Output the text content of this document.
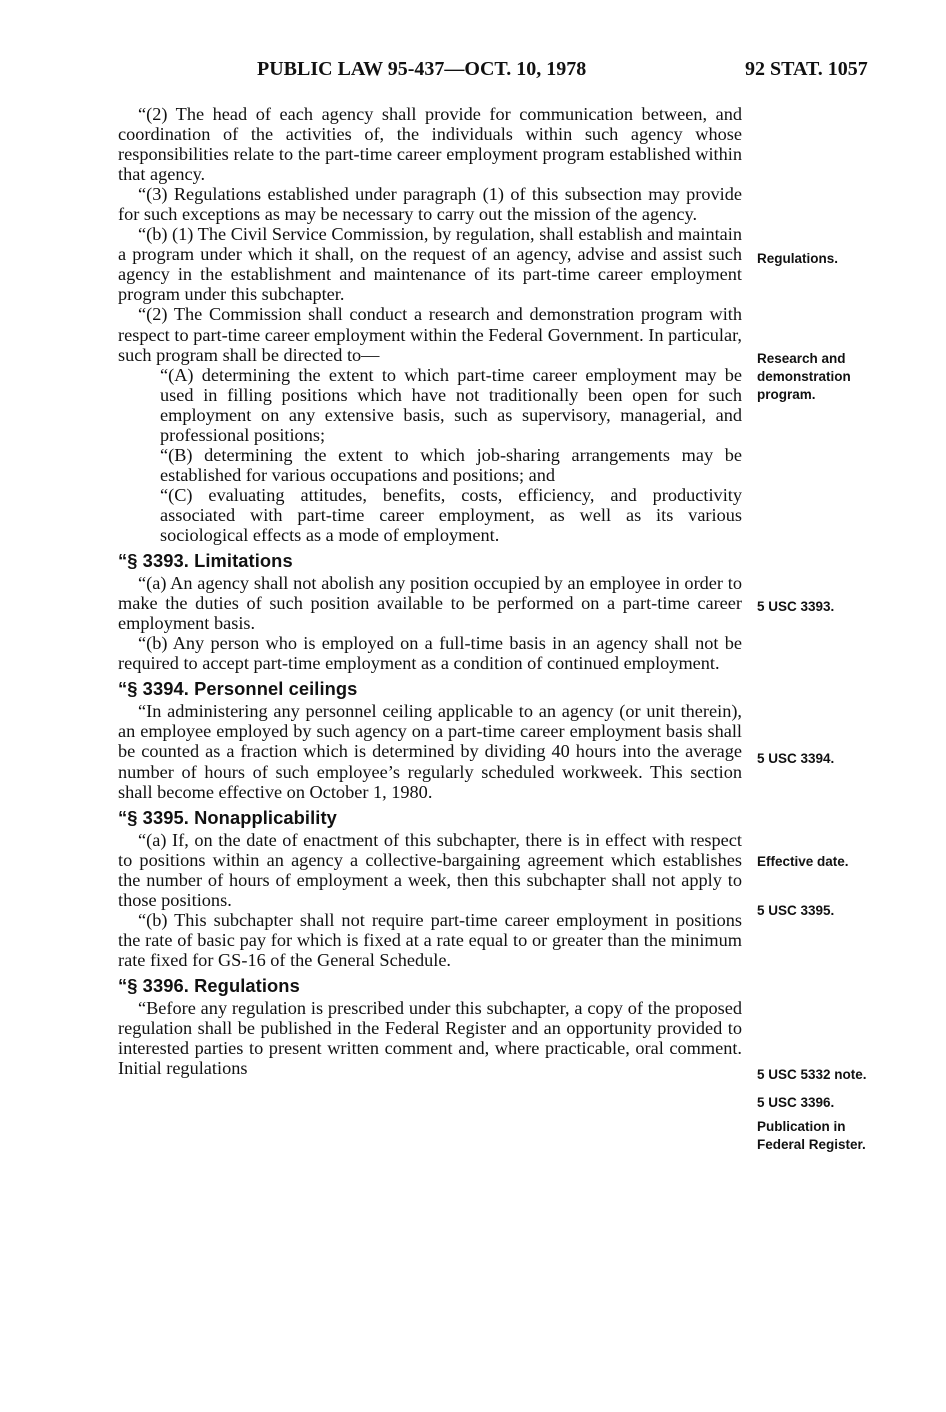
PUBLIC LAW 95-437—OCT. 10, 1978	92 STAT. 1057

“(2) The head of each agency shall provide for communication between, and coordination of the activities of, the individuals within such agency whose responsibilities relate to the part-time career employment program established within that agency.

“(3) Regulations established under paragraph (1) of this subsection may provide for such exceptions as may be necessary to carry out the mission of the agency.

“(b) (1) The Civil Service Commission, by regulation, shall establish and maintain a program under which it shall, on the request of an agency, advise and assist such agency in the establishment and maintenance of its part-time career employment program under this subchapter.

“(2) The Commission shall conduct a research and demonstration program with respect to part-time career employment within the Federal Government. In particular, such program shall be directed to—

“(A) determining the extent to which part-time career employment may be used in filling positions which have not traditionally been open for such employment on any extensive basis, such as supervisory, managerial, and professional positions;

“(B) determining the extent to which job-sharing arrangements may be established for various occupations and positions; and

“(C) evaluating attitudes, benefits, costs, efficiency, and productivity associated with part-time career employment, as well as its various sociological effects as a mode of employment.

“§ 3393. Limitations

“(a) An agency shall not abolish any position occupied by an employee in order to make the duties of such position available to be performed on a part-time career employment basis.

“(b) Any person who is employed on a full-time basis in an agency shall not be required to accept part-time employment as a condition of continued employment.

“§ 3394. Personnel ceilings

“In administering any personnel ceiling applicable to an agency (or unit therein), an employee employed by such agency on a part-time career employment basis shall be counted as a fraction which is determined by dividing 40 hours into the average number of hours of such employee’s regularly scheduled workweek. This section shall become effective on October 1, 1980.

“§ 3395. Nonapplicability

“(a) If, on the date of enactment of this subchapter, there is in effect with respect to positions within an agency a collective-bargaining agreement which establishes the number of hours of employment a week, then this subchapter shall not apply to those positions.

“(b) This subchapter shall not require part-time career employment in positions the rate of basic pay for which is fixed at a rate equal to or greater than the minimum rate fixed for GS-16 of the General Schedule.

“§ 3396. Regulations

“Before any regulation is prescribed under this subchapter, a copy of the proposed regulation shall be published in the Federal Register and an opportunity provided to interested parties to present written comment and, where practicable, oral comment. Initial regulations

Regulations.
Research and
demonstration
program.
5 USC 3393.
5 USC 3394.
Effective date.
5 USC 3395.
5 USC 5332 note.
5 USC 3396.
Publication in
Federal Register.
